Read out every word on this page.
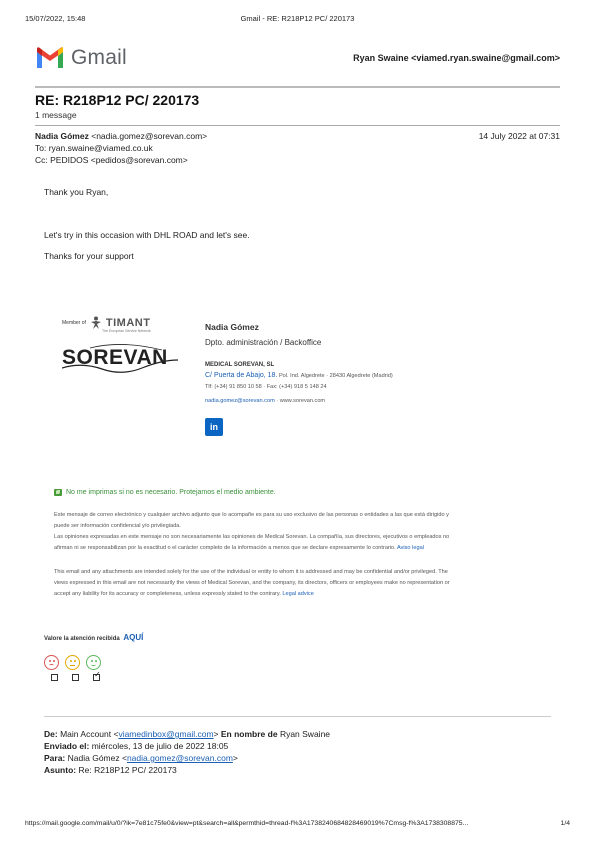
15/07/2022, 15:48	Gmail - RE: R218P12 PC/ 220173
Gmail	Ryan Swaine <viamed.ryan.swaine@gmail.com>
RE: R218P12 PC/ 220173
1 message
Nadia Gómez <nadia.gomez@sorevan.com>	14 July 2022 at 07:31
To: ryan.swaine@viamed.co.uk
Cc: PEDIDOS <pedidos@sorevan.com>
Thank you Ryan,
Let's try in this occasion with DHL ROAD and let's see.
Thanks for your support
Member of TIMANT
The European Service Network
SOREVAN
Nadia Gómez
Dpto. administración / Backoffice
MEDICAL SOREVAN, SL
C/ Puerta de Abajo, 18. Pol. Ind. Algedrete · 28430 Algedrete (Madrid)
Tlf: (+34) 91 850 10 58 · Fax: (+34) 918 5 148 24
nadia.gomez@sorevan.com · www.sorevan.com
in
No me imprimas si no es necesario. Protejamos el medio ambiente.
Este mensaje de correo electrónico y cualquier archivo adjunto que lo acompañe es para su uso exclusivo de las personas o entidades a las que está dirigido y
puede ser información confidencial y/o privilegiada.
Las opiniones expresadas en este mensaje no son necesariamente las opiniones de Medical Sorevan. La compañía, sus directores, ejecutivos o empleados no
afirman ni se responsabilizan por la exactitud o el carácter completo de la información a menos que se declare expresamente lo contrario. Aviso legal
This email and any attachments are intended solely for the use of the individual or entity to whom it is addressed and may be confidential and/or privileged. The
views expressed in this email are not necessarily the views of Medical Sorevan, and the company, its directors, officers or employees make no representation or
accept any liability for its accuracy or completeness, unless expressly stated to the contrary. Legal advice
Valore la atención recibida AQUÍ
✓
De: Main Account <viamedinbox@gmail.com> En nombre de Ryan Swaine
Enviado el: miércoles, 13 de julio de 2022 18:05
Para: Nadia Gómez <nadia.gomez@sorevan.com>
Asunto: Re: R218P12 PC/ 220173
https://mail.google.com/mail/u/0/?ik=7e81c75fe0&view=pt&search=all&permthid=thread-f%3A1738240684828469019%7Cmsg-f%3A1738308875...	1/4
